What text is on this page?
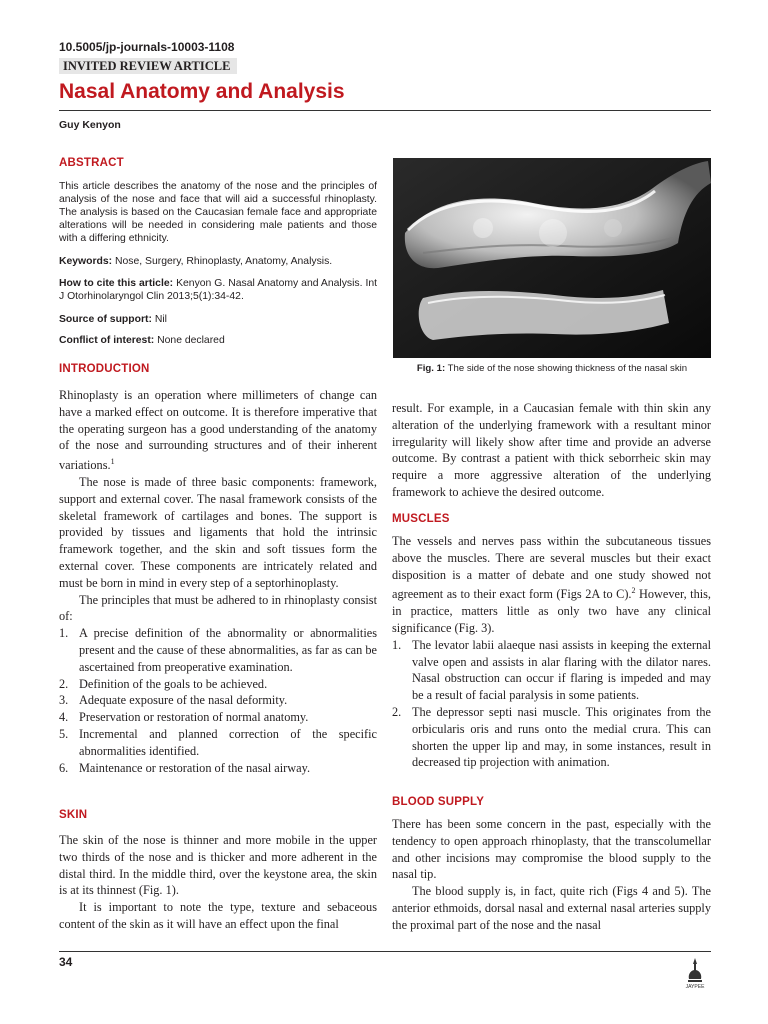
10.5005/jp-journals-10003-1108
INVITED REVIEW ARTICLE
Nasal Anatomy and Analysis
Guy Kenyon
ABSTRACT
This article describes the anatomy of the nose and the principles of analysis of the nose and face that will aid a successful rhinoplasty. The analysis is based on the Caucasian female face and appropriate alterations will be needed in considering male patients and those with a differing ethnicity.
Keywords: Nose, Surgery, Rhinoplasty, Anatomy, Analysis.
How to cite this article: Kenyon G. Nasal Anatomy and Analysis. Int J Otorhinolaryngol Clin 2013;5(1):34-42.
Source of support: Nil
Conflict of interest: None declared
INTRODUCTION

Rhinoplasty is an operation where millimeters of change can have a marked effect on outcome. It is therefore imperative that the operating surgeon has a good understanding of the anatomy of the nose and surrounding structures and of their inherent variations.$^1$

The nose is made of three basic components: framework, support and external cover. The nasal framework consists of the skeletal framework of cartilages and bones. The support is provided by tissues and ligaments that hold the intrinsic framework together, and the skin and soft tissues form the external cover. These components are intricately related and must be born in mind in every step of a septorhinoplasty.

The principles that must be adhered to in rhinoplasty consist of:

1. A precise definition of the abnormality or abnormalities present and the cause of these abnormalities, as far as can be ascertained from preoperative examination.
2. Definition of the goals to be achieved.
3. Adequate exposure of the nasal deformity.
4. Preservation or restoration of normal anatomy.
5. Incremental and planned correction of the specific abnormalities identified.
6. Maintenance or restoration of the nasal airway.
SKIN

The skin of the nose is thinner and more mobile in the upper two thirds of the nose and is thicker and more adherent in the distal third. In the middle third, over the keystone area, the skin is at its thinnest (Fig. 1).

It is important to note the type, texture and sebaceous content of the skin as it will have an effect upon the final

Fig. 1: The side of the nose showing thickness of the nasal skin
result. For example, in a Caucasian female with thin skin any alteration of the underlying framework with a resultant minor irregularity will likely show after time and provide an adverse outcome. By contrast a patient with thick seborrheic skin may require a more aggressive alteration of the underlying framework to achieve the desired outcome.
MUSCLES

The vessels and nerves pass within the subcutaneous tissues above the muscles. There are several muscles but their exact disposition is a matter of debate and one study showed not agreement as to their exact form (Figs 2A to C).$^2$ However, this, in practice, matters little as only two have any clinical significance (Fig. 3).

1. The levator labii alaeque nasi assists in keeping the external valve open and assists in alar flaring with the dilator nares. Nasal obstruction can occur if flaring is impeded and may be a result of facial paralysis in some patients.
2. The depressor septi nasi muscle. This originates from the orbicularis oris and runs onto the medial crura. This can shorten the upper lip and may, in some instances, result in decreased tip projection with animation.
BLOOD SUPPLY

There has been some concern in the past, especially with the tendency to open approach rhinoplasty, that the transcolumellar and other incisions may compromise the blood supply to the nasal tip.

The blood supply is, in fact, quite rich (Figs 4 and 5). The anterior ethmoids, dorsal nasal and external nasal arteries supply the proximal part of the nose and the nasal

34
JAYPEE
